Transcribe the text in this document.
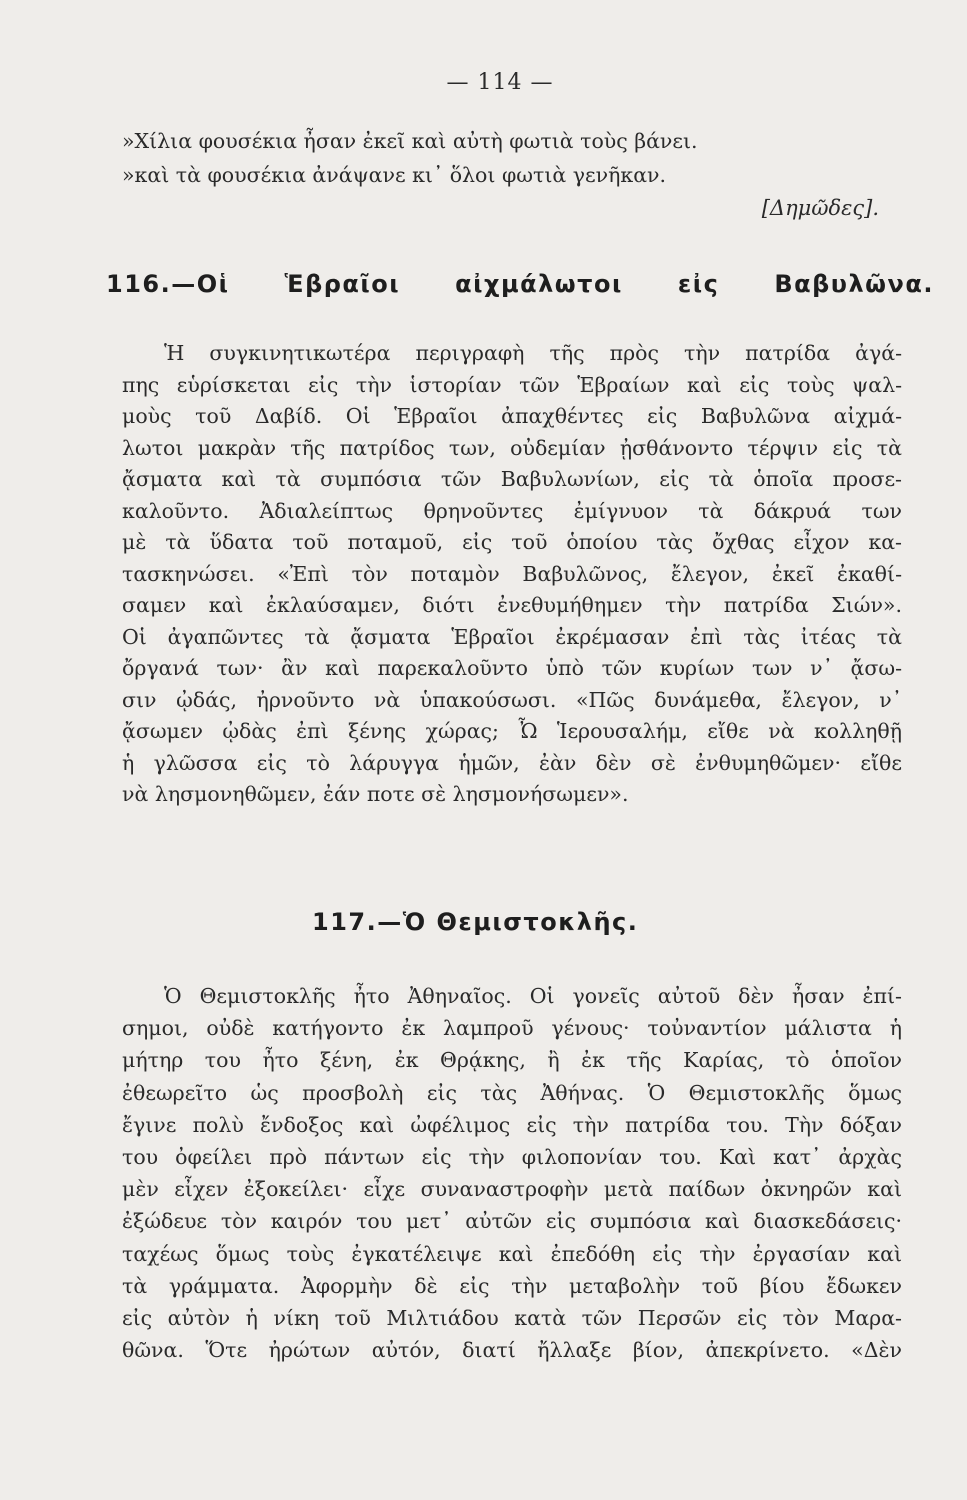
— 114 —
»Χίλια φουσέκια ἦσαν ἐκεῖ καὶ αὐτὴ φωτιὰ τοὺς βάνει.
»καὶ τὰ φουσέκια ἀνάψανε κι᾿ ὅλοι φωτιὰ γενῆκαν.
[Δημῶδες].
116.—Οἱ Ἑβραῖοι αἰχμάλωτοι εἰς Βαβυλῶνα.
Ἡ συγκινητικωτέρα περιγραφὴ τῆς πρὸς τὴν πατρίδα ἀγά-
πης εὑρίσκεται εἰς τὴν ἱστορίαν τῶν Ἑβραίων καὶ εἰς τοὺς ψαλ-
μοὺς τοῦ Δαβίδ. Οἱ Ἑβραῖοι ἀπαχθέντες εἰς Βαβυλῶνα αἰχμά-
λωτοι μακρὰν τῆς πατρίδος των, οὐδεμίαν ᾐσθάνοντο τέρψιν εἰς τὰ
ᾄσματα καὶ τὰ συμπόσια τῶν Βαβυλωνίων, εἰς τὰ ὁποῖα προσε-
καλοῦντο. Ἀδιαλείπτως θρηνοῦντες ἐμίγνυον τὰ δάκρυά των
μὲ τὰ ὕδατα τοῦ ποταμοῦ, εἰς τοῦ ὁποίου τὰς ὄχθας εἶχον κα-
τασκηνώσει. «Ἐπὶ τὸν ποταμὸν Βαβυλῶνος, ἔλεγον, ἐκεῖ ἐκαθί-
σαμεν καὶ ἐκλαύσαμεν, διότι ἐνεθυμήθημεν τὴν πατρίδα Σιών».
Οἱ ἀγαπῶντες τὰ ᾄσματα Ἑβραῖοι ἐκρέμασαν ἐπὶ τὰς ἰτέας τὰ
ὄργανά των· ἂν καὶ παρεκαλοῦντο ὑπὸ τῶν κυρίων των ν᾿ ᾄσω-
σιν ᾠδάς, ἠρνοῦντο νὰ ὑπακούσωσι. «Πῶς δυνάμεθα, ἔλεγον, ν᾿
ᾄσωμεν ᾠδὰς ἐπὶ ξένης χώρας; Ὦ Ἱερουσαλήμ, εἴθε νὰ κολληθῇ
ἡ γλῶσσα εἰς τὸ λάρυγγα ἡμῶν, ἐὰν δὲν σὲ ἐνθυμηθῶμεν· εἴθε
νὰ λησμονηθῶμεν, ἐάν ποτε σὲ λησμονήσωμεν».
117.—Ὁ Θεμιστοκλῆς.
Ὁ Θεμιστοκλῆς ἦτο Ἀθηναῖος. Οἱ γονεῖς αὐτοῦ δὲν ἦσαν ἐπί-
σημοι, οὐδὲ κατήγοντο ἐκ λαμπροῦ γένους· τοὐναντίον μάλιστα ἡ
μήτηρ του ἦτο ξένη, ἐκ Θρᾴκης, ἢ ἐκ τῆς Καρίας, τὸ ὁποῖον
ἐθεωρεῖτο ὡς προσβολὴ εἰς τὰς Ἀθήνας. Ὁ Θεμιστοκλῆς ὅμως
ἔγινε πολὺ ἔνδοξος καὶ ὠφέλιμος εἰς τὴν πατρίδα του. Τὴν δόξαν
του ὀφείλει πρὸ πάντων εἰς τὴν φιλοπονίαν του. Καὶ κατ᾿ ἀρχὰς
μὲν εἶχεν ἐξοκείλει· εἶχε συναναστροφὴν μετὰ παίδων ὀκνηρῶν καὶ
ἐξώδευε τὸν καιρόν του μετ᾿ αὐτῶν εἰς συμπόσια καὶ διασκεδάσεις·
ταχέως ὅμως τοὺς ἐγκατέλειψε καὶ ἐπεδόθη εἰς τὴν ἐργασίαν καὶ
τὰ γράμματα. Ἀφορμὴν δὲ εἰς τὴν μεταβολὴν τοῦ βίου ἔδωκεν
εἰς αὐτὸν ἡ νίκη τοῦ Μιλτιάδου κατὰ τῶν Περσῶν εἰς τὸν Μαρα-
θῶνα. Ὅτε ἠρώτων αὐτόν, διατί ἤλλαξε βίον, ἀπεκρίνετο. «Δὲν
